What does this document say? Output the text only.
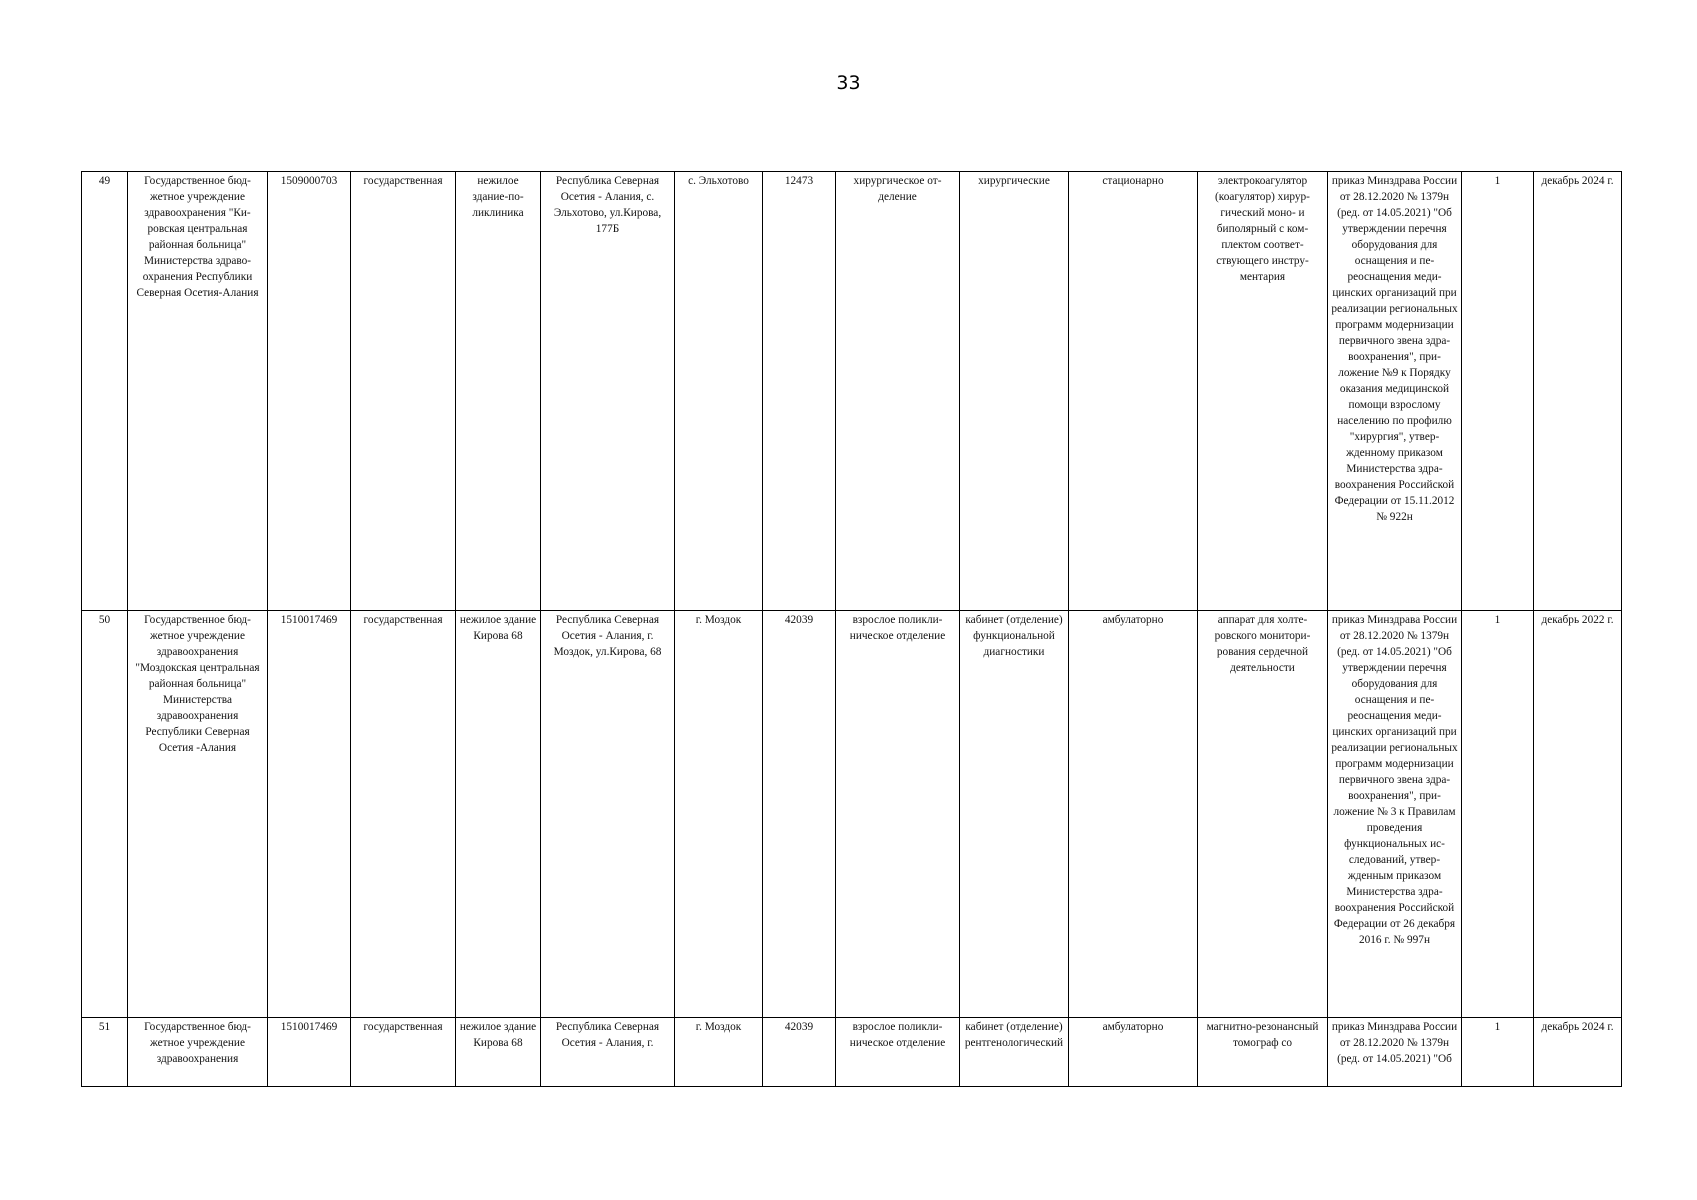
33
49	Государственное бюджетное учреждение здравоохранения "Кировская центральная районная больница" Министерства здравоохранения Республики Северная Осетия-Алания	1509000703	государственная	нежилое здание-поликлиника	Республика Северная Осетия - Алания, с. Эльхотово, ул.Кирова, 177Б	с. Эльхотово	12473	хирургическое отделение	хирургические	стационарно	электрокоагулятор (коагулятор) хирургический моно- и биполярный с комплектом соответствующего инструментария	приказ Минздрава России от 28.12.2020 № 1379н (ред. от 14.05.2021) "Об утверждении перечня оборудования для оснащения и переоснащения медицинских организаций при реализации региональных программ модернизации первичного звена здравоохранения", приложение №9 к Порядку оказания медицинской помощи взрослому населению по профилю "хирургия", утвержденному приказом Министерства здравоохранения Российской Федерации от 15.11.2012 № 922н	1	декабрь 2024 г.
50	Государственное бюджетное учреждение здравоохранения "Моздокская центральная районная больница" Министерства здравоохранения Республики Северная Осетия -Алания	1510017469	государственная	нежилое здание Кирова 68	Республика Северная Осетия - Алания, г. Моздок, ул.Кирова, 68	г. Моздок	42039	взрослое поликлиническое отделение	кабинет (отделение) функциональной диагностики	амбулаторно	аппарат для холтеровского мониторирования сердечной деятельности	приказ Минздрава России от 28.12.2020 № 1379н (ред. от 14.05.2021) "Об утверждении перечня оборудования для оснащения и переоснащения медицинских организаций при реализации региональных программ модернизации первичного звена здравоохранения", приложение № 3 к Правилам проведения функциональных исследований, утвержденным приказом Министерства здравоохранения Российской Федерации от 26 декабря 2016 г. № 997н	1	декабрь 2022 г.
51	Государственное бюджетное учреждение здравоохранения	1510017469	государственная	нежилое здание Кирова 68	Республика Северная Осетия - Алания, г.	г. Моздок	42039	взрослое поликлиническое отделение	кабинет (отделение) рентгенологический	амбулаторно	магнитно-резонансный томограф со	приказ Минздрава России от 28.12.2020 № 1379н (ред. от 14.05.2021) "Об	1	декабрь 2024 г.
